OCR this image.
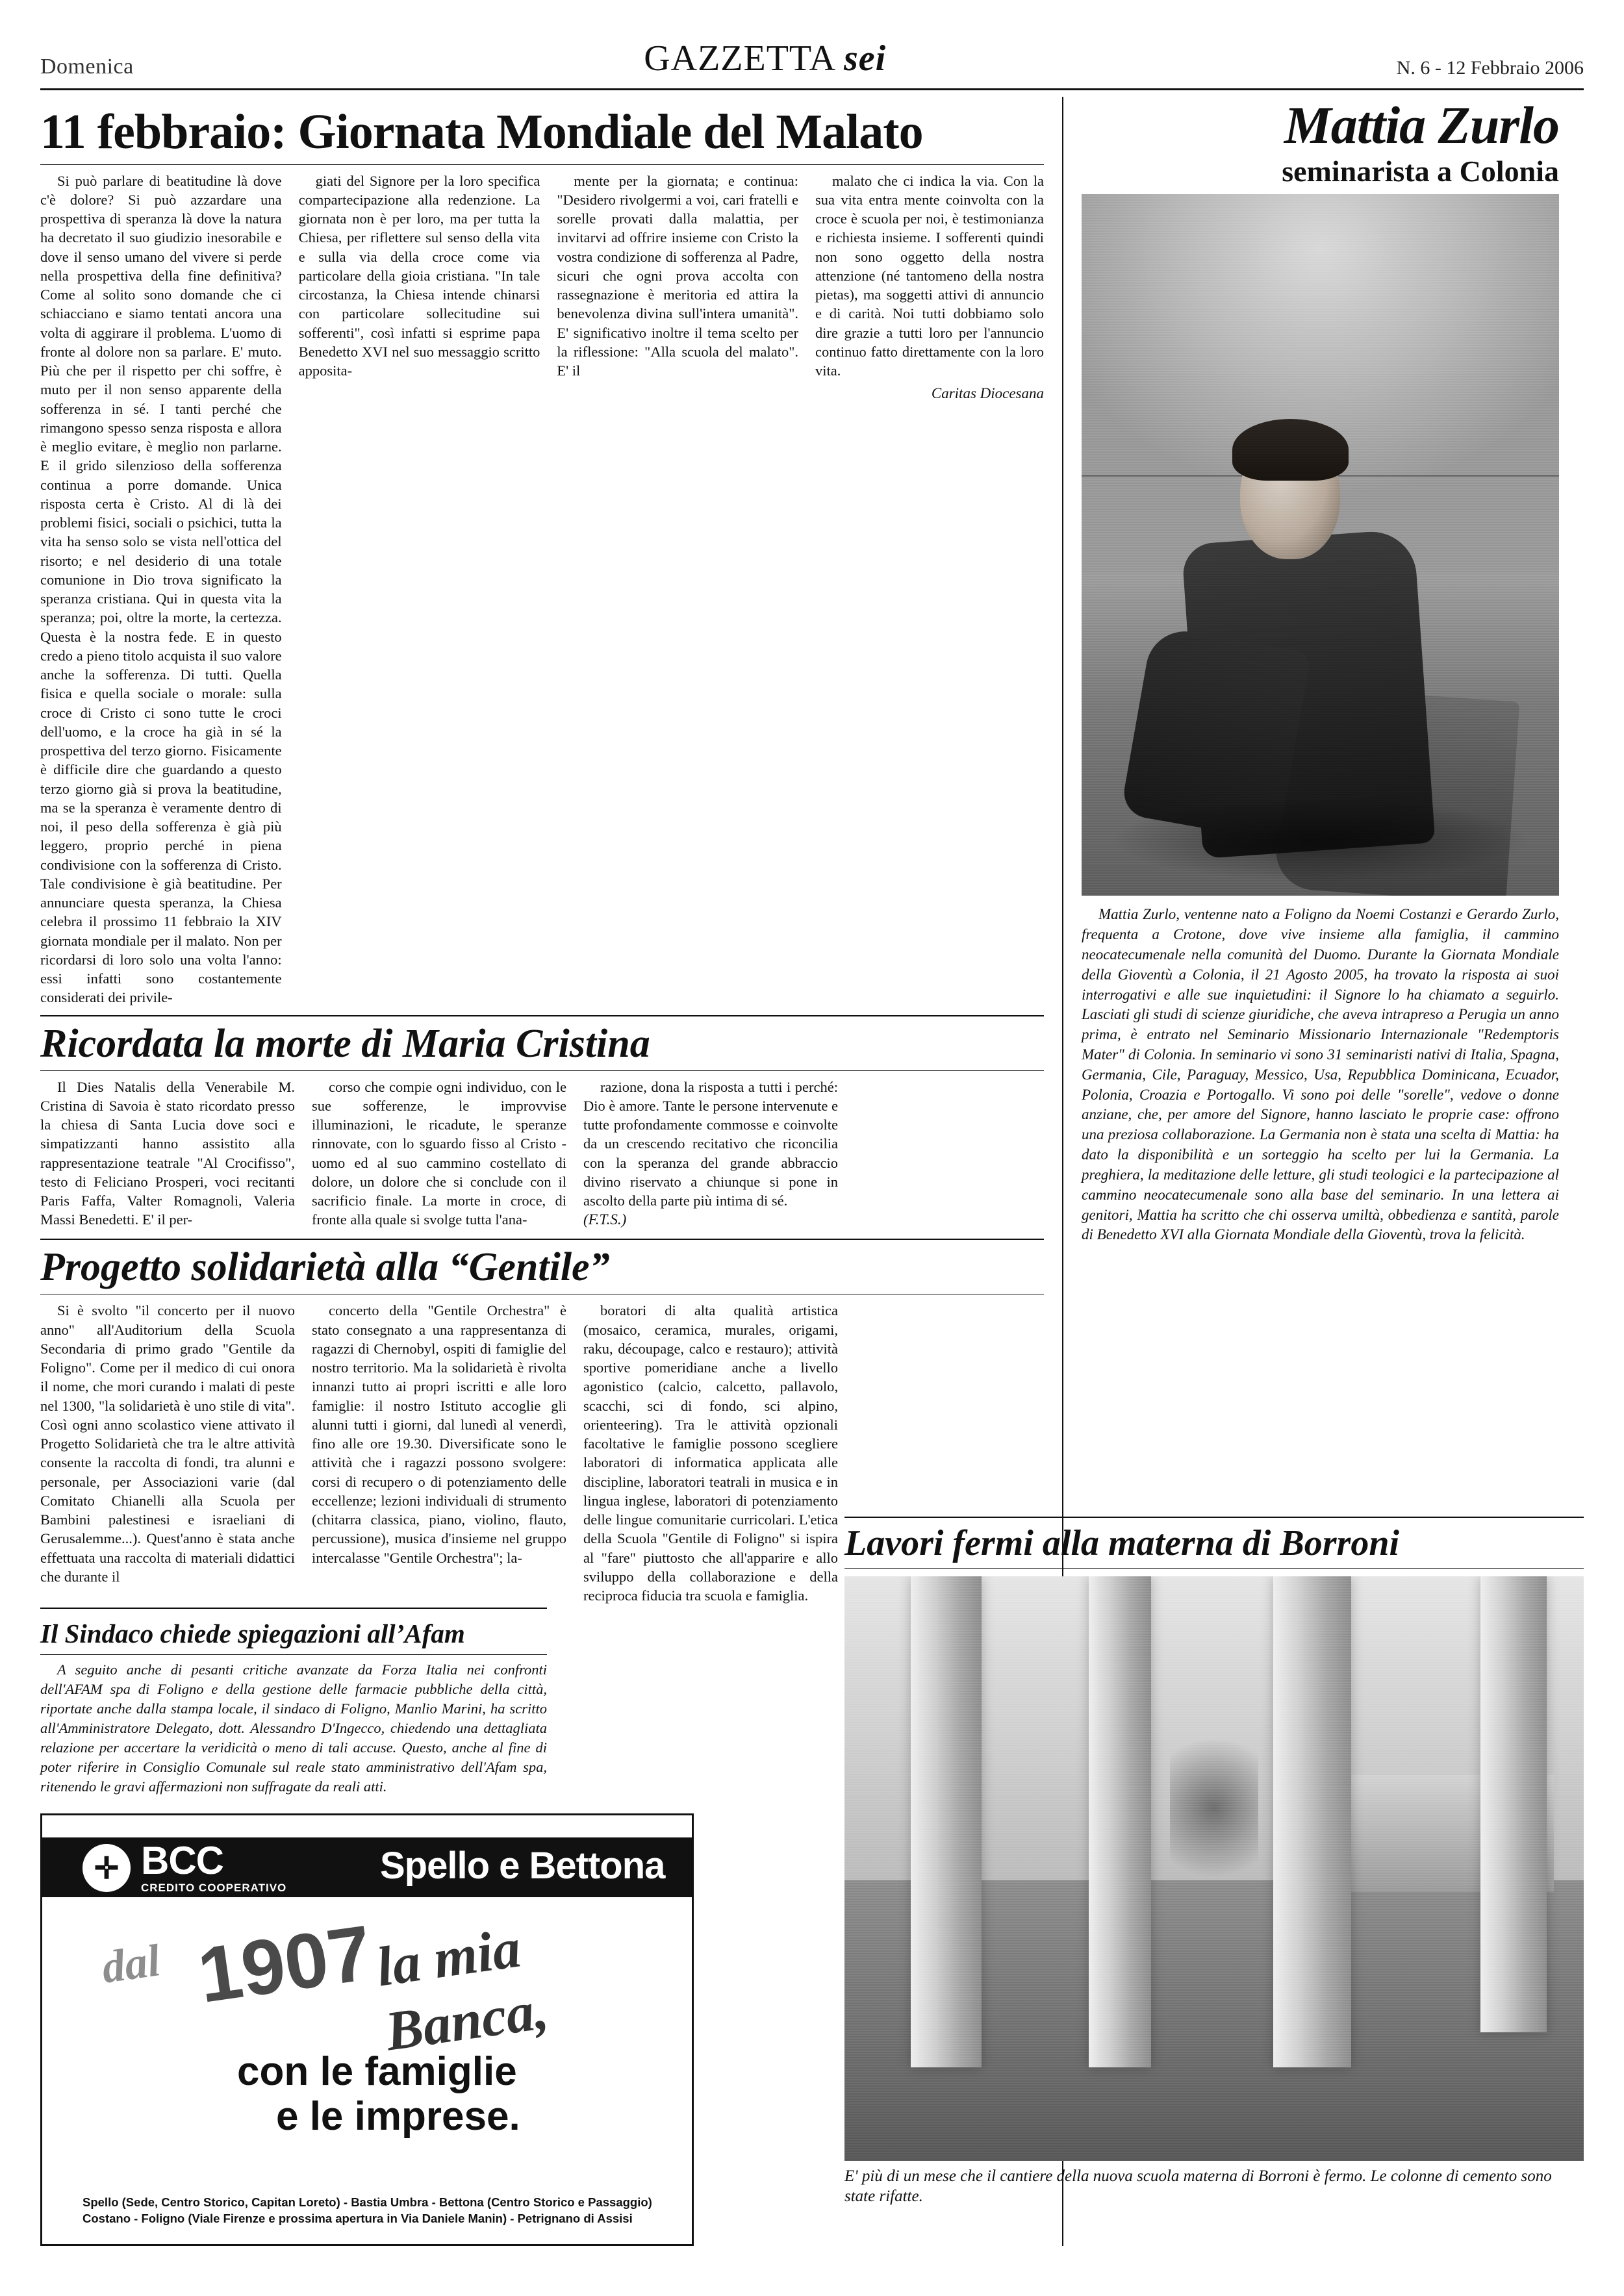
Domenica	GAZZETTA sei	N. 6 - 12 Febbraio 2006
11 febbraio: Giornata Mondiale del Malato

Si può parlare di beatitudine là dove c'è dolore? Si può azzardare una prospettiva di speranza là dove la natura ha decretato il suo giudizio inesorabile e dove il senso umano del vivere si perde nella prospettiva della fine definitiva? Come al solito sono domande che ci schiacciano e siamo tentati ancora una volta di aggirare il problema. L'uomo di fronte al dolore non sa parlare. E' muto. Più che per il rispetto per chi soffre, è muto per il non senso apparente della sofferenza in sé. I tanti perché che rimangono spesso senza risposta e allora è meglio evitare, è meglio non parlarne. E il grido silenzioso della sofferenza continua a porre domande. Unica risposta certa è Cristo. Al di là dei problemi fisici, sociali o psichici, tutta la vita ha senso solo se vista nell'ottica del risorto; e nel desiderio di una totale comunione in Dio trova significato la speranza cristiana. Qui in questa vita la speranza; poi, oltre la morte, la certezza. Questa è la nostra fede. E in questo credo a pieno titolo acquista il suo valore anche la sofferenza. Di tutti. Quella fisica e quella sociale o morale: sulla croce di Cristo ci sono tutte le croci dell'uomo, e la croce ha già in sé la prospettiva del terzo giorno. Fisicamente è difficile dire che guardando a questo terzo giorno già si prova la beatitudine, ma se la speranza è veramente dentro di noi, il peso della sofferenza è già più leggero, proprio perché in piena condivisione con la sofferenza di Cristo. Tale condivisione è già beatitudine. Per annunciare questa speranza, la Chiesa celebra il prossimo 11 febbraio la XIV giornata mondiale per il malato. Non per ricordarsi di loro solo una volta l'anno: essi infatti sono costantemente considerati dei privile-

giati del Signore per la loro specifica compartecipazione alla redenzione. La giornata non è per loro, ma per tutta la Chiesa, per riflettere sul senso della vita e sulla via della croce come via particolare della gioia cristiana. "In tale circostanza, la Chiesa intende chinarsi con particolare sollecitudine sui sofferenti", così infatti si esprime papa Benedetto XVI nel suo messaggio scritto apposita-

mente per la giornata; e continua: "Desidero rivolgermi a voi, cari fratelli e sorelle provati dalla malattia, per invitarvi ad offrire insieme con Cristo la vostra condizione di sofferenza al Padre, sicuri che ogni prova accolta con rassegnazione è meritoria ed attira la benevolenza divina sull'intera umanità". E' significativo inoltre il tema scelto per la riflessione: "Alla scuola del malato". E' il

malato che ci indica la via. Con la sua vita entra mente coinvolta con la croce è scuola per noi, è testimonianza e richiesta insieme. I sofferenti quindi non sono oggetto della nostra attenzione (né tantomeno della nostra pietas), ma soggetti attivi di annuncio e di carità. Noi tutti dobbiamo solo dire grazie a tutti loro per l'annuncio continuo fatto direttamente con la loro vita.

Caritas Diocesana
Ricordata la morte di Maria Cristina

Il Dies Natalis della Venerabile M. Cristina di Savoia è stato ricordato presso la chiesa di Santa Lucia dove soci e simpatizzanti hanno assistito alla rappresentazione teatrale "Al Crocifisso", testo di Feliciano Prosperi, voci recitanti Paris Faffa, Valter Romagnoli, Valeria Massi Benedetti. E' il per-

corso che compie ogni individuo, con le sue sofferenze, le improvvise illuminazioni, le ricadute, le speranze rinnovate, con lo sguardo fisso al Cristo - uomo ed al suo cammino costellato di dolore, un dolore che si conclude con il sacrificio finale. La morte in croce, di fronte alla quale si svolge tutta l'ana-

razione, dona la risposta a tutti i perché: Dio è amore. Tante le persone intervenute e tutte profondamente commosse e coinvolte da un crescendo recitativo che riconcilia con la speranza del grande abbraccio divino riservato a chiunque si pone in ascolto della parte più intima di sé.

(F.T.S.)
Progetto solidarietà alla “Gentile”

Si è svolto "il concerto per il nuovo anno" all'Auditorium della Scuola Secondaria di primo grado "Gentile da Foligno". Come per il medico di cui onora il nome, che mori curando i malati di peste nel 1300, "la solidarietà è uno stile di vita". Così ogni anno scolastico viene attivato il Progetto Solidarietà che tra le altre attività consente la raccolta di fondi, tra alunni e personale, per Associazioni varie (dal Comitato Chianelli alla Scuola per Bambini palestinesi e israeliani di Gerusalemme...). Quest'anno è stata anche effettuata una raccolta di materiali didattici che durante il

concerto della "Gentile Orchestra" è stato consegnato a una rappresentanza di ragazzi di Chernobyl, ospiti di famiglie del nostro territorio. Ma la solidarietà è rivolta innanzi tutto ai propri iscritti e alle loro famiglie: il nostro Istituto accoglie gli alunni tutti i giorni, dal lunedì al venerdì, fino alle ore 19.30. Diversificate sono le attività che i ragazzi possono svolgere: corsi di recupero o di potenziamento delle eccellenze; lezioni individuali di strumento (chitarra classica, piano, violino, flauto, percussione), musica d'insieme nel gruppo intercalasse "Gentile Orchestra"; la-

boratori di alta qualità artistica (mosaico, ceramica, murales, origami, raku, découpage, calco e restauro); attività sportive pomeridiane anche a livello agonistico (calcio, calcetto, pallavolo, scacchi, sci di fondo, sci alpino, orienteering). Tra le attività opzionali facoltative le famiglie possono scegliere laboratori di informatica applicata alle discipline, laboratori teatrali in musica e in lingua inglese, laboratori di potenziamento delle lingue comunitarie curricolari. L'etica della Scuola "Gentile di Foligno" si ispira al "fare" piuttosto che all'apparire e allo sviluppo della collaborazione e della reciproca fiducia tra scuola e famiglia.

Il Sindaco chiede spiegazioni all’Afam

A seguito anche di pesanti critiche avanzate da Forza Italia nei confronti dell'AFAM spa di Foligno e della gestione delle farmacie pubbliche della città, riportate anche dalla stampa locale, il sindaco di Foligno, Manlio Marini, ha scritto all'Amministratore Delegato, dott. Alessandro D'Ingecco, chiedendo una dettagliata relazione per accertare la veridicità o meno di tali accuse. Questo, anche al fine di poter riferire in Consiglio Comunale sul reale stato amministrativo dell'Afam spa, ritenendo le gravi affermazioni non suffragate da reali atti.

✛ BCC
CREDITO COOPERATIVO
Spello e Bettona
dal 1907
la mia Banca,
con le famiglie
e le imprese.
Spello (Sede, Centro Storico, Capitan Loreto) - Bastia Umbra - Bettona (Centro Storico e Passaggio) Costano - Foligno (Viale Firenze e prossima apertura in Via Daniele Manin) - Petrignano di Assisi
Mattia Zurlo
seminarista a Colonia

Mattia Zurlo, ventenne nato a Foligno da Noemi Costanzi e Gerardo Zurlo, frequenta a Crotone, dove vive insieme alla famiglia, il cammino neocatecumenale nella comunità del Duomo. Durante la Giornata Mondiale della Gioventù a Colonia, il 21 Agosto 2005, ha trovato la risposta ai suoi interrogativi e alle sue inquietudini: il Signore lo ha chiamato a seguirlo. Lasciati gli studi di scienze giuridiche, che aveva intrapreso a Perugia un anno prima, è entrato nel Seminario Missionario Internazionale "Redemptoris Mater" di Colonia. In seminario vi sono 31 seminaristi nativi di Italia, Spagna, Germania, Cile, Paraguay, Messico, Usa, Repubblica Dominicana, Ecuador, Polonia, Croazia e Portogallo. Vi sono poi delle "sorelle", vedove o donne anziane, che, per amore del Signore, hanno lasciato le proprie case: offrono una preziosa collaborazione. La Germania non è stata una scelta di Mattia: ha dato la disponibilità e un sorteggio ha scelto per lui la Germania. La preghiera, la meditazione delle letture, gli studi teologici e la partecipazione al cammino neocatecumenale sono alla base del seminario. In una lettera ai genitori, Mattia ha scritto che chi osserva umiltà, obbedienza e santità, parole di Benedetto XVI alla Giornata Mondiale della Gioventù, trova la felicità.

Lavori fermi alla materna di Borroni
E' più di un mese che il cantiere della nuova scuola materna di Borroni è fermo. Le colonne di cemento sono state rifatte.
